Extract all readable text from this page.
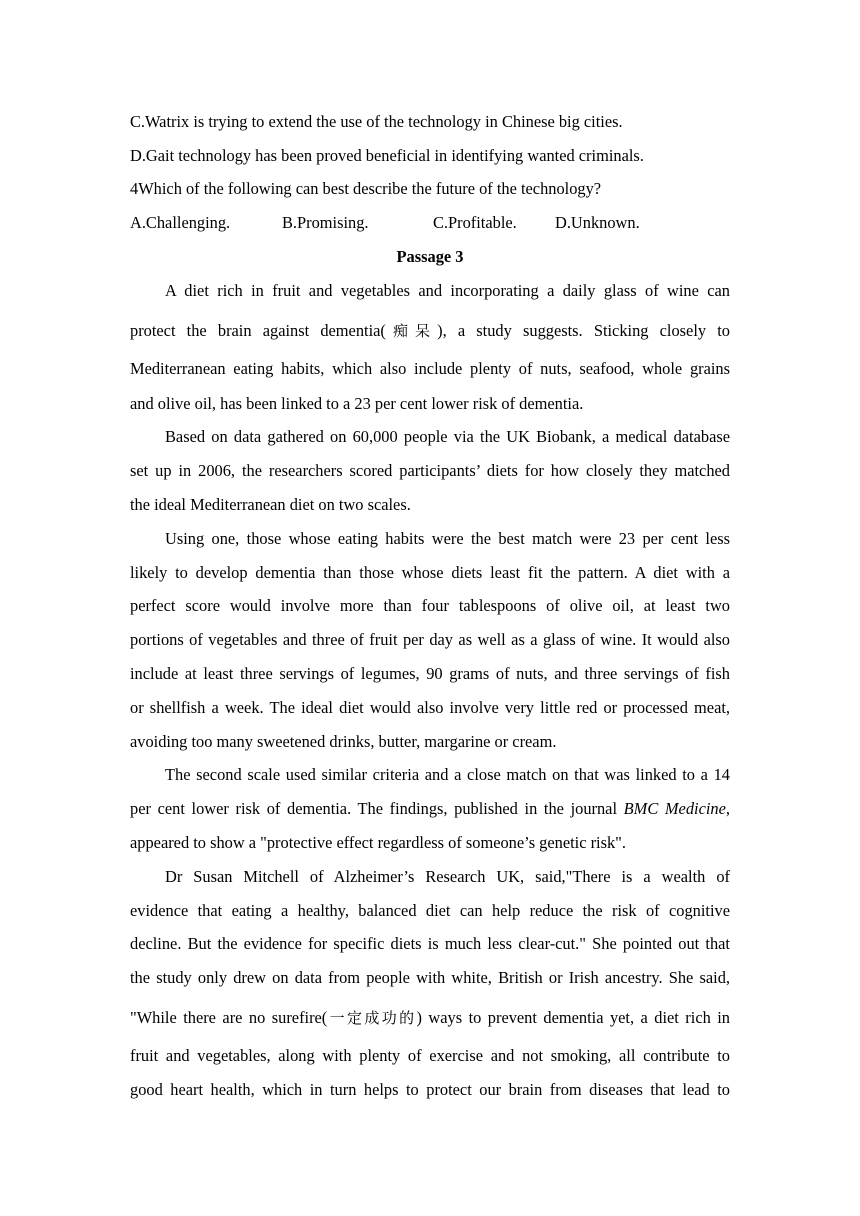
C.Watrix is trying to extend the use of the technology in Chinese big cities.
D.Gait technology has been proved beneficial in identifying wanted criminals.
4Which of the following can best describe the future of the technology?
A.Challenging.	B.Promising.	C.Profitable. D.Unknown.
Passage 3
A diet rich in fruit and vegetables and incorporating a daily glass of wine can
protect the brain against dementia(痴呆), a study suggests. Sticking closely to
Mediterranean eating habits, which also include plenty of nuts, seafood, whole grains
and olive oil, has been linked to a 23 per cent lower risk of dementia.
Based on data gathered on 60,000 people via the UK Biobank, a medical database
set up in 2006, the researchers scored participants’ diets for how closely they matched
the ideal Mediterranean diet on two scales.
Using one, those whose eating habits were the best match were 23 per cent less
likely to develop dementia than those whose diets least fit the pattern. A diet with a
perfect score would involve more than four tablespoons of olive oil, at least two
portions of vegetables and three of fruit per day as well as a glass of wine. It would also
include at least three servings of legumes, 90 grams of nuts, and three servings of fish
or shellfish a week. The ideal diet would also involve very little red or processed meat,
avoiding too many sweetened drinks, butter, margarine or cream.
The second scale used similar criteria and a close match on that was linked to a 14
per cent lower risk of dementia. The findings, published in the journal BMC Medicine,
appeared to show a "protective effect regardless of someone’s genetic risk".
Dr Susan Mitchell of Alzheimer’s Research UK, said,"There is a wealth of
evidence that eating a healthy, balanced diet can help reduce the risk of cognitive
decline. But the evidence for specific diets is much less clear-cut." She pointed out that
the study only drew on data from people with white, British or Irish ancestry. She said,
"While there are no surefire(一定成功的) ways to prevent dementia yet, a diet rich in
fruit and vegetables, along with plenty of exercise and not smoking, all contribute to
good heart health, which in turn helps to protect our brain from diseases that lead to
